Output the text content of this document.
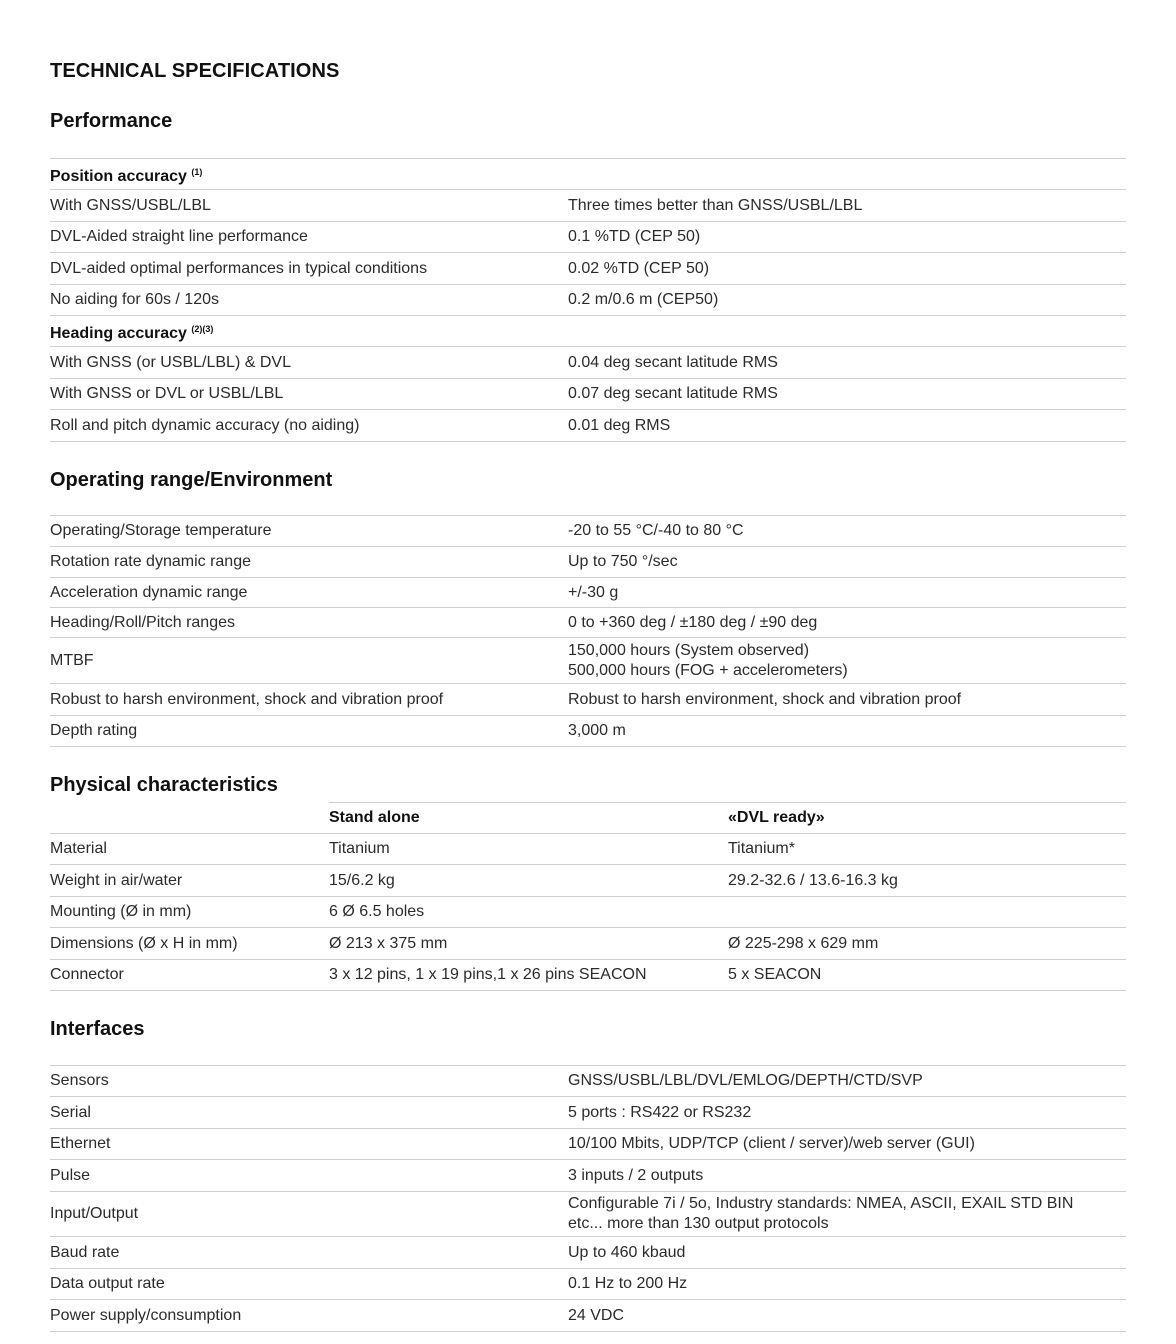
TECHNICAL SPECIFICATIONS
Performance
Position accuracy $^{(1)}$	
With GNSS/USBL/LBL	Three times better than GNSS/USBL/LBL
DVL-Aided straight line performance	0.1 %TD (CEP 50)
DVL-aided optimal performances in typical conditions	0.02 %TD (CEP 50)
No aiding for 60s / 120s	0.2 m/0.6 m (CEP50)
Heading accuracy $^{(2)(3)}$	
With GNSS (or USBL/LBL) & DVL	0.04 deg secant latitude RMS
With GNSS or DVL or USBL/LBL	0.07 deg secant latitude RMS
Roll and pitch dynamic accuracy (no aiding)	0.01 deg RMS
Operating range/Environment
Operating/Storage temperature	-20 to 55 °C/-40 to 80 °C
Rotation rate dynamic range	Up to 750 °/sec
Acceleration dynamic range	+/-30 g
Heading/Roll/Pitch ranges	0 to +360 deg / ±180 deg / ±90 deg
MTBF	150,000 hours (System observed)
500,000 hours (FOG + accelerometers)

Robust to harsh environment, shock and vibration proof	Robust to harsh environment, shock and vibration proof
Depth rating	3,000 m
Physical characteristics
	Stand alone	«DVL ready»
Material	Titanium	Titanium*
Weight in air/water	15/6.2 kg	29.2-32.6 / 13.6-16.3 kg
Mounting (Ø in mm)	6 Ø 6.5 holes	
Dimensions (Ø x H in mm)	Ø 213 x 375 mm	Ø 225-298 x 629 mm
Connector	3 x 12 pins, 1 x 19 pins,1 x 26 pins SEACON	5 x SEACON
Interfaces
Sensors	GNSS/USBL/LBL/DVL/EMLOG/DEPTH/CTD/SVP
Serial	5 ports : RS422 or RS232
Ethernet	10/100 Mbits, UDP/TCP (client / server)/web server (GUI)
Pulse	3 inputs / 2 outputs
Input/Output	Configurable 7i / 5o, Industry standards: NMEA, ASCII, EXAIL STD BIN
etc... more than 130 output protocols

Baud rate	Up to 460 kbaud
Data output rate	0.1 Hz to 200 Hz
Power supply/consumption	24 VDC
